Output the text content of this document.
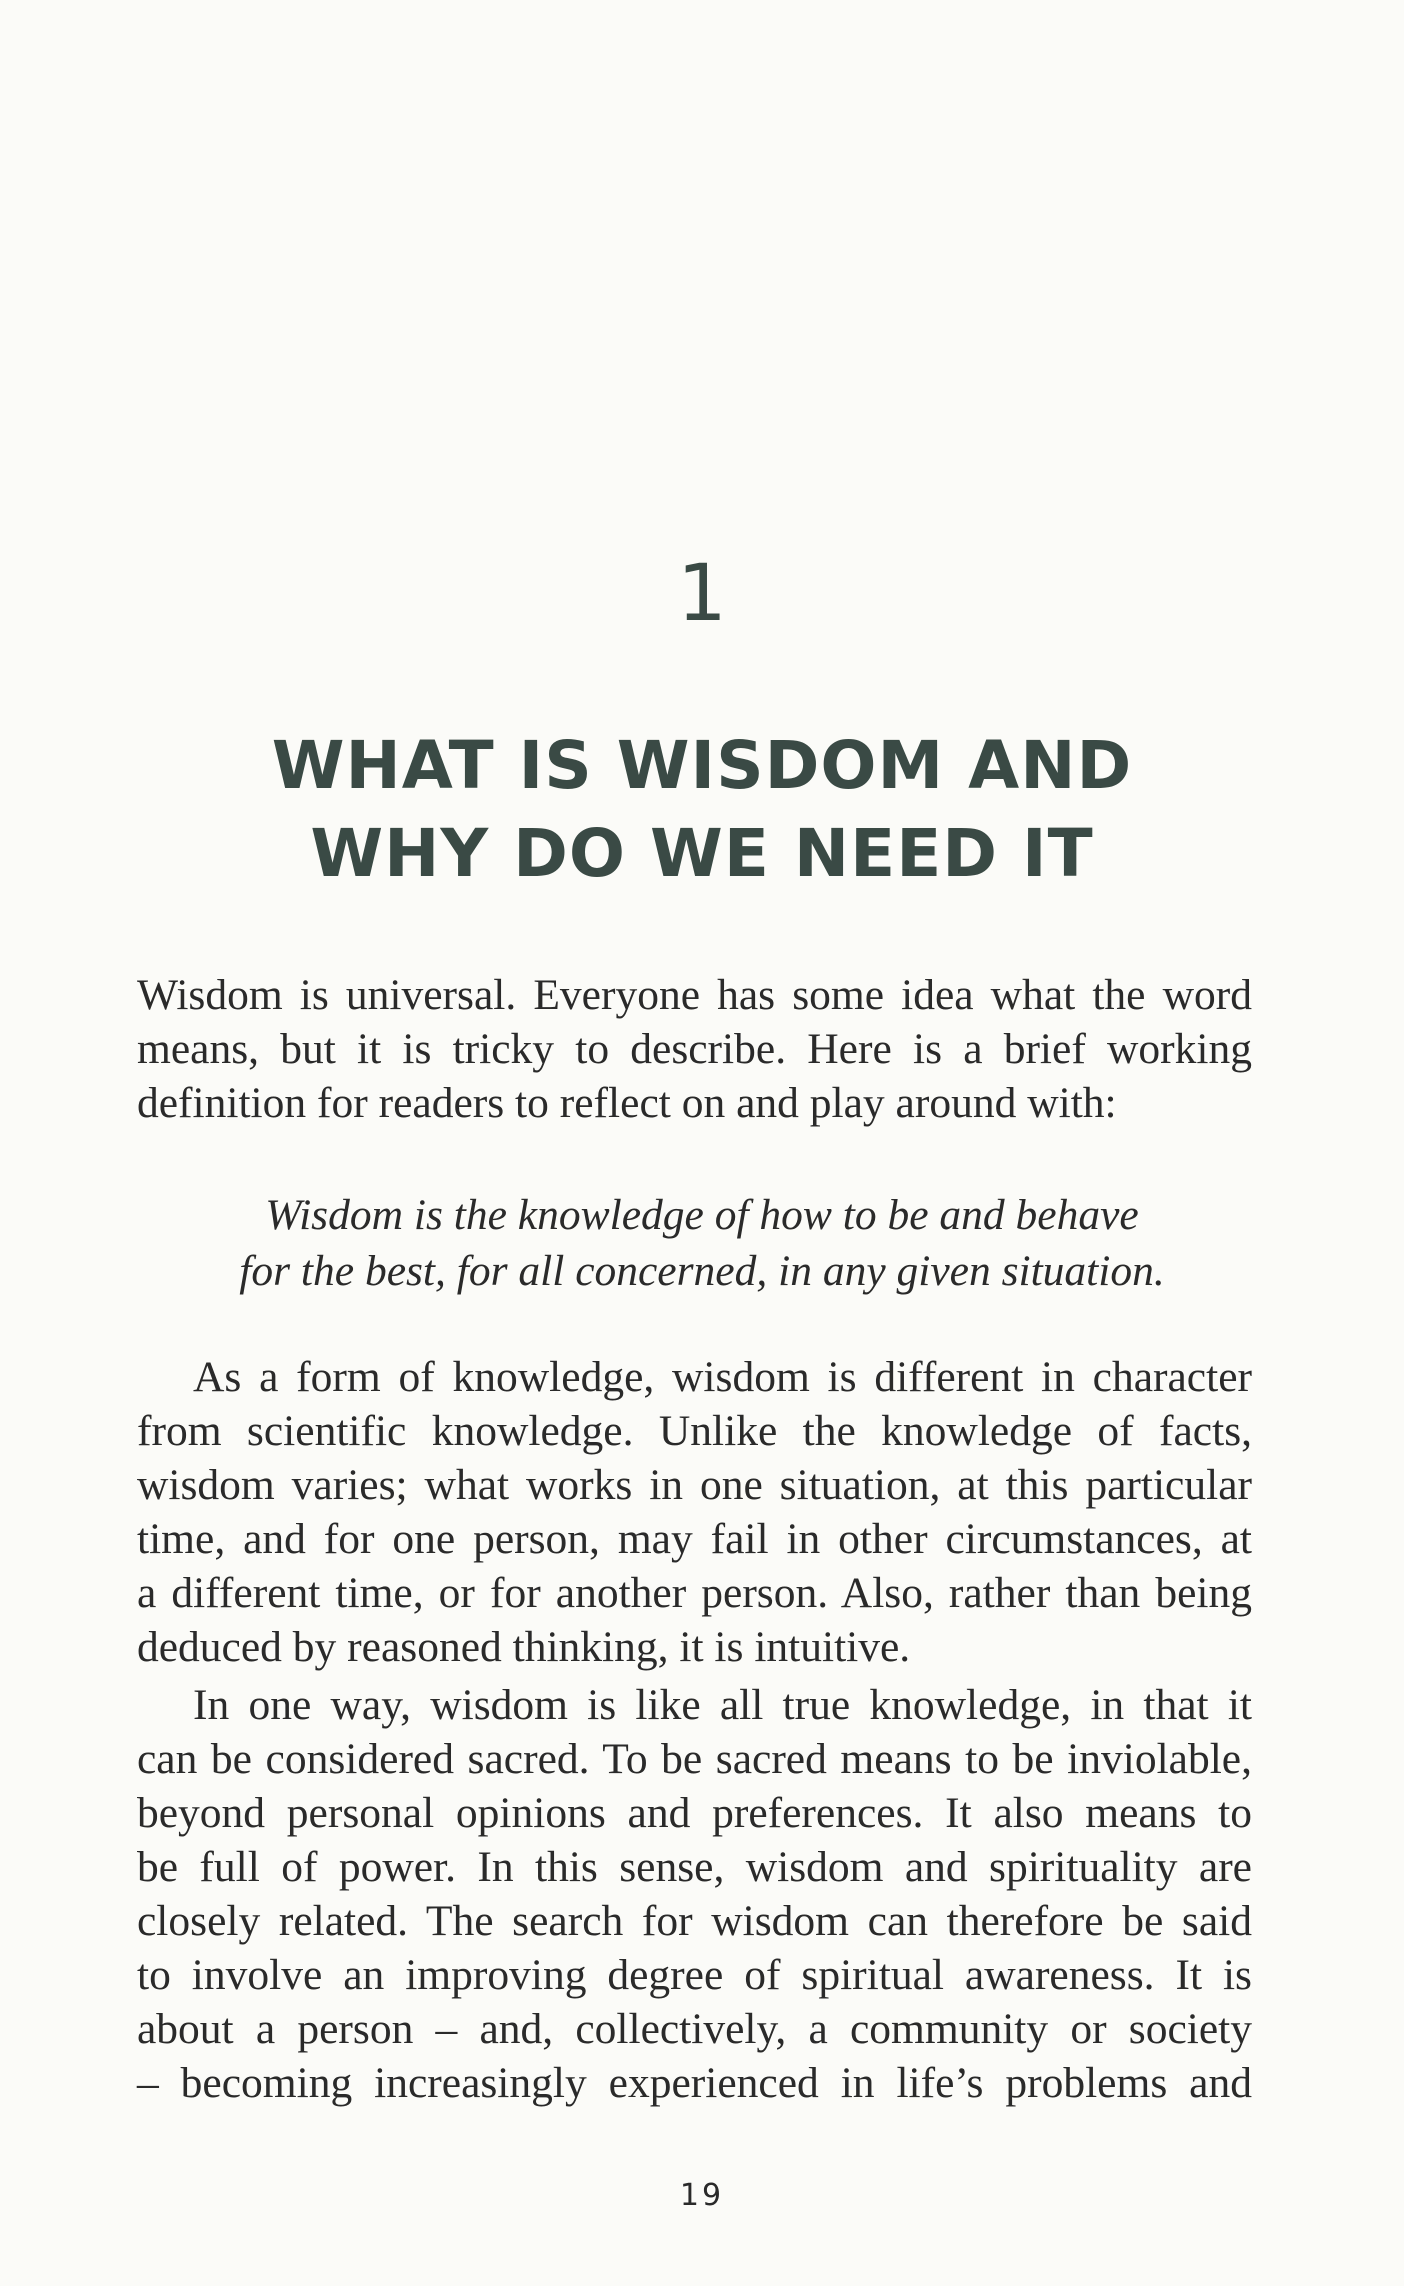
1
WHAT IS WISDOM AND
WHY DO WE NEED IT

Wisdom is universal. Everyone has some idea what the word
means, but it is tricky to describe. Here is a brief working
definition for readers to reflect on and play around with:

Wisdom is the knowledge of how to be and behave
for the best, for all concerned, in any given situation.

As a form of knowledge, wisdom is different in character
from scientific knowledge. Unlike the knowledge of facts,
wisdom varies; what works in one situation, at this particular
time, and for one person, may fail in other circumstances, at
a different time, or for another person. Also, rather than being
deduced by reasoned thinking, it is intuitive.

In one way, wisdom is like all true knowledge, in that it
can be considered sacred. To be sacred means to be inviolable,
beyond personal opinions and preferences. It also means to
be full of power. In this sense, wisdom and spirituality are
closely related. The search for wisdom can therefore be said
to involve an improving degree of spiritual awareness. It is
about a person – and, collectively, a community or society
– becoming increasingly experienced in life’s problems and

19
